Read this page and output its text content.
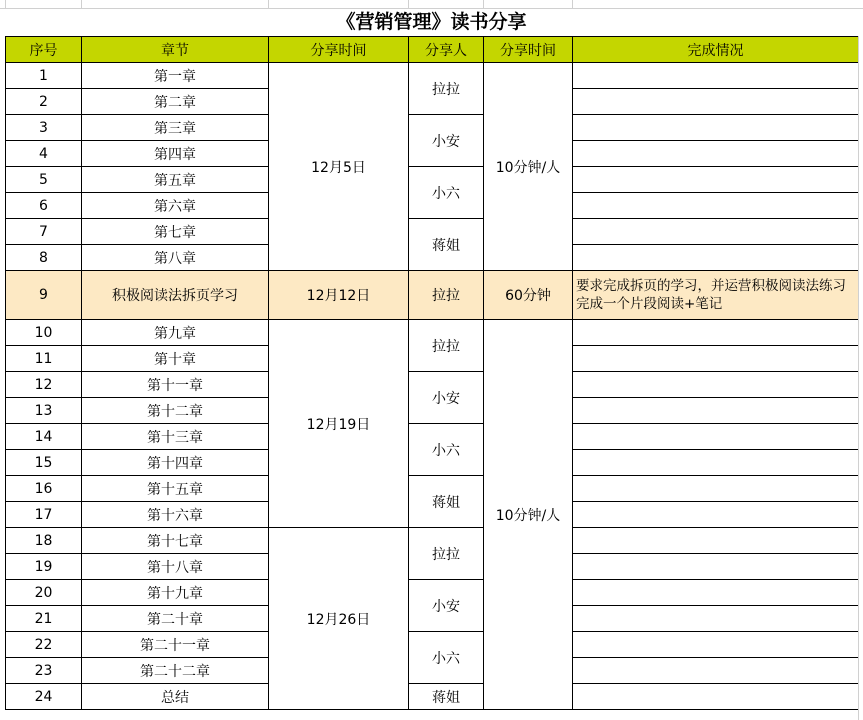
《营销管理》读书分享
序号	章节	分享时间	分享人	分享时间	完成情况
1	第一章	12月5日	拉拉	10分钟/人	
2	第二章				
3	第三章		小安		
4	第四章				
5	第五章		小六		
6	第六章				
7	第七章		蒋姐		
8	第八章				
9	积极阅读法拆页学习	12月12日	拉拉	60分钟	要求完成拆页的学习，并运营积极阅读法练习完成一个片段阅读+笔记
10	第九章	12月19日	拉拉	10分钟/人	
11	第十章				
12	第十一章		小安		
13	第十二章				
14	第十三章		小六		
15	第十四章				
16	第十五章		蒋姐		
17	第十六章				
18	第十七章	12月26日	拉拉		
19	第十八章				
20	第十九章		小安		
21	第二十章				
22	第二十一章		小六		
23	第二十二章				
24	总结		蒋姐		
